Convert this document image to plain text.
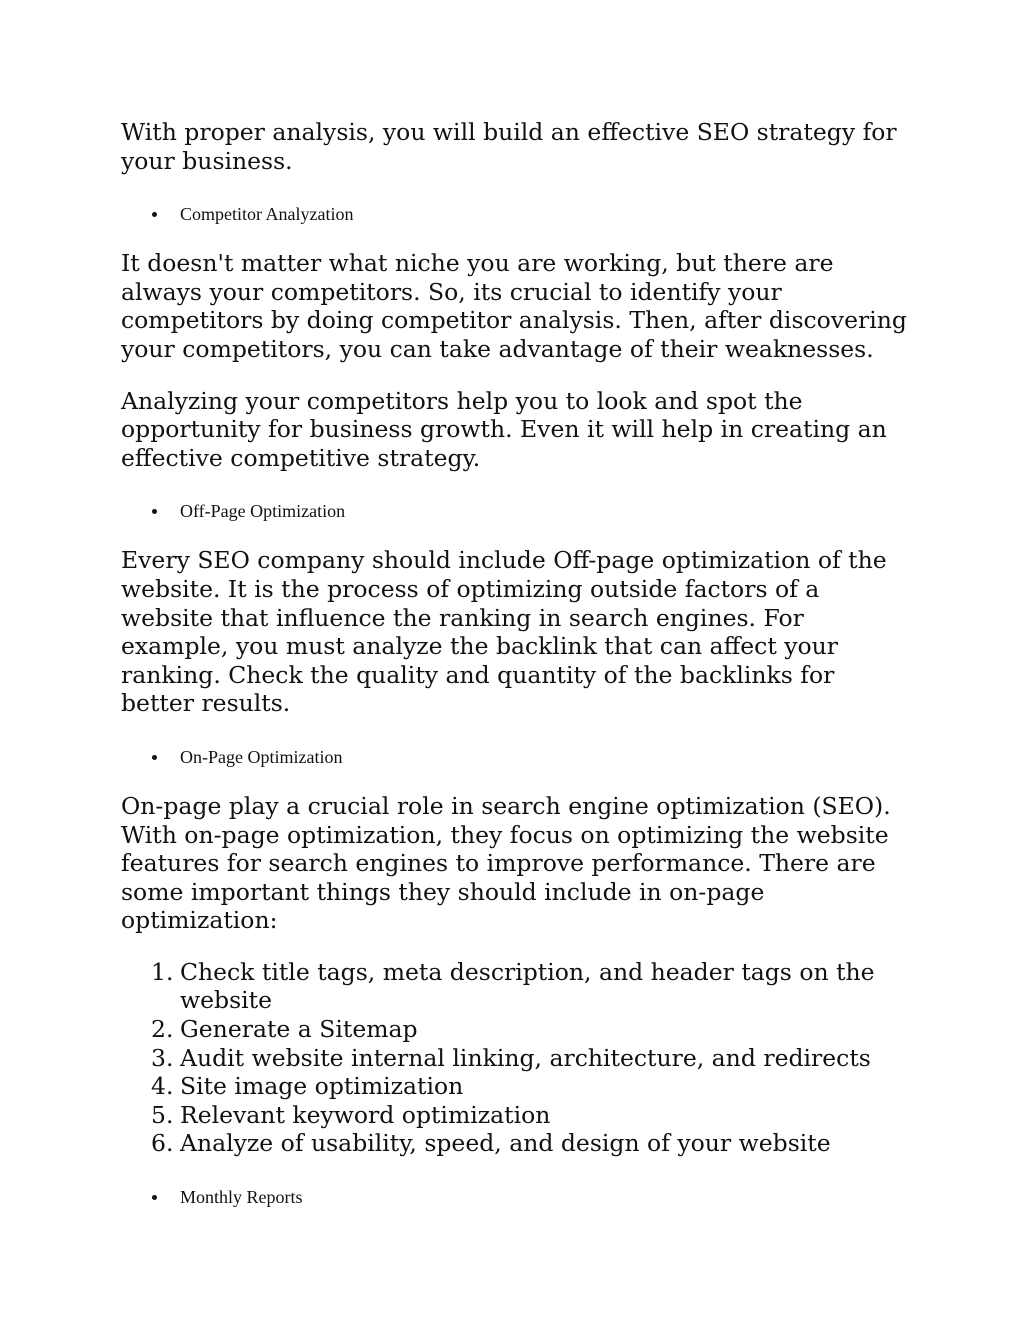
With proper analysis, you will build an effective SEO strategy for your business.

Competitor Analyzation

It doesn't matter what niche you are working, but there are always your competitors. So, its crucial to identify your competitors by doing competitor analysis. Then, after discovering your competitors, you can take advantage of their weaknesses.

Analyzing your competitors help you to look and spot the opportunity for business growth. Even it will help in creating an effective competitive strategy.

Off-Page Optimization

Every SEO company should include Off-page optimization of the website. It is the process of optimizing outside factors of a website that influence the ranking in search engines. For example, you must analyze the backlink that can affect your ranking. Check the quality and quantity of the backlinks for better results.

On-Page Optimization

On-page play a crucial role in search engine optimization (SEO). With on-page optimization, they focus on optimizing the website features for search engines to improve performance. There are some important things they should include in on-page optimization:

1. Check title tags, meta description, and header tags on the website
2. Generate a Sitemap
3. Audit website internal linking, architecture, and redirects
4. Site image optimization
5. Relevant keyword optimization
6. Analyze of usability, speed, and design of your website
Monthly Reports
